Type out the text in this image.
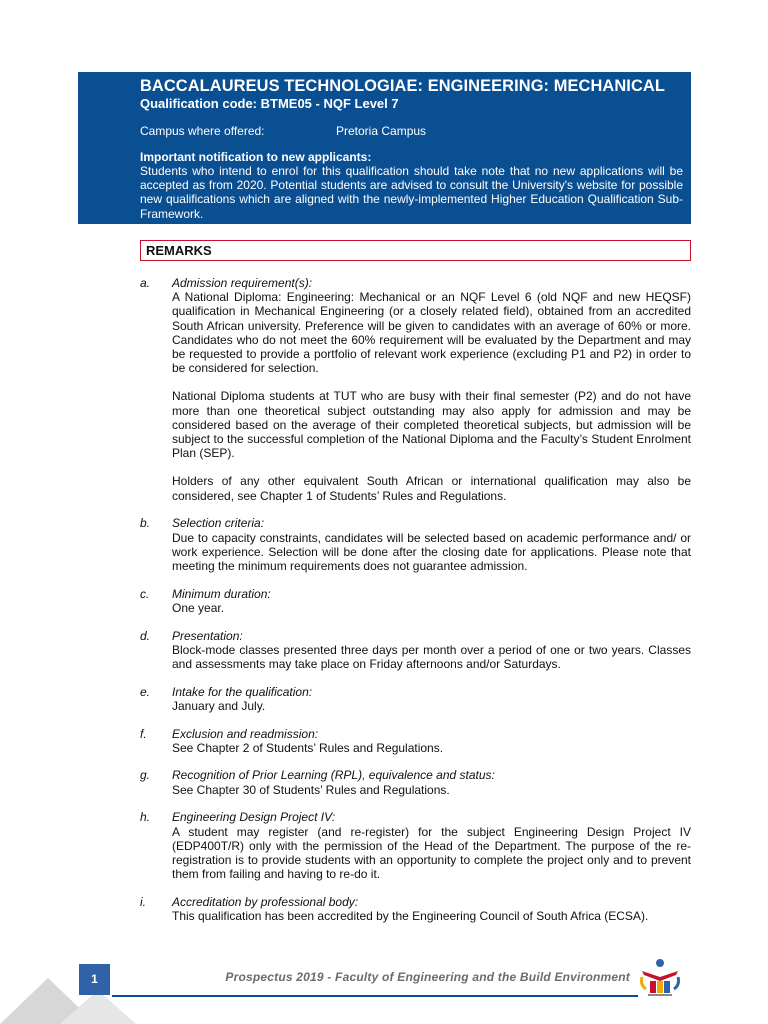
BACCALAUREUS TECHNOLOGIAE: ENGINEERING: MECHANICAL
Qualification code: BTME05 - NQF Level 7
Campus where offered:	Pretoria Campus
Important notification to new applicants:
Students who intend to enrol for this qualification should take note that no new applications will be accepted as from 2020. Potential students are advised to consult the University's website for possible new qualifications which are aligned with the newly-implemented Higher Education Qualification Sub-Framework.
REMARKS
a. Admission requirement(s):

A National Diploma: Engineering: Mechanical or an NQF Level 6 (old NQF and new HEQSF) qualification in Mechanical Engineering (or a closely related field), obtained from an accredited South African university. Preference will be given to candidates with an average of 60% or more. Candidates who do not meet the 60% requirement will be evaluated by the Department and may be requested to provide a portfolio of relevant work experience (excluding P1 and P2) in order to be considered for selection.

National Diploma students at TUT who are busy with their final semester (P2) and do not have more than one theoretical subject outstanding may also apply for admission and may be considered based on the average of their completed theoretical subjects, but admission will be subject to the successful completion of the National Diploma and the Faculty’s Student Enrolment Plan (SEP).

Holders of any other equivalent South African or international qualification may also be considered, see Chapter 1 of Students’ Rules and Regulations.

b. Selection criteria:

Due to capacity constraints, candidates will be selected based on academic performance and/ or work experience. Selection will be done after the closing date for applications. Please note that meeting the minimum requirements does not guarantee admission.

c. Minimum duration:

One year.

d. Presentation:

Block-mode classes presented three days per month over a period of one or two years. Classes and assessments may take place on Friday afternoons and/or Saturdays.

e. Intake for the qualification:

January and July.

f. Exclusion and readmission:

See Chapter 2 of Students’ Rules and Regulations.

g. Recognition of Prior Learning (RPL), equivalence and status:

See Chapter 30 of Students’ Rules and Regulations.

h. Engineering Design Project IV:

A student may register (and re-register) for the subject Engineering Design Project IV (EDP400T/R) only with the permission of the Head of the Department. The purpose of the re-registration is to provide students with an opportunity to complete the project only and to prevent them from failing and having to re-do it.

i. Accreditation by professional body:

This qualification has been accredited by the Engineering Council of South Africa (ECSA).

1	Prospectus 2019 - Faculty of Engineering and the Build Environment
